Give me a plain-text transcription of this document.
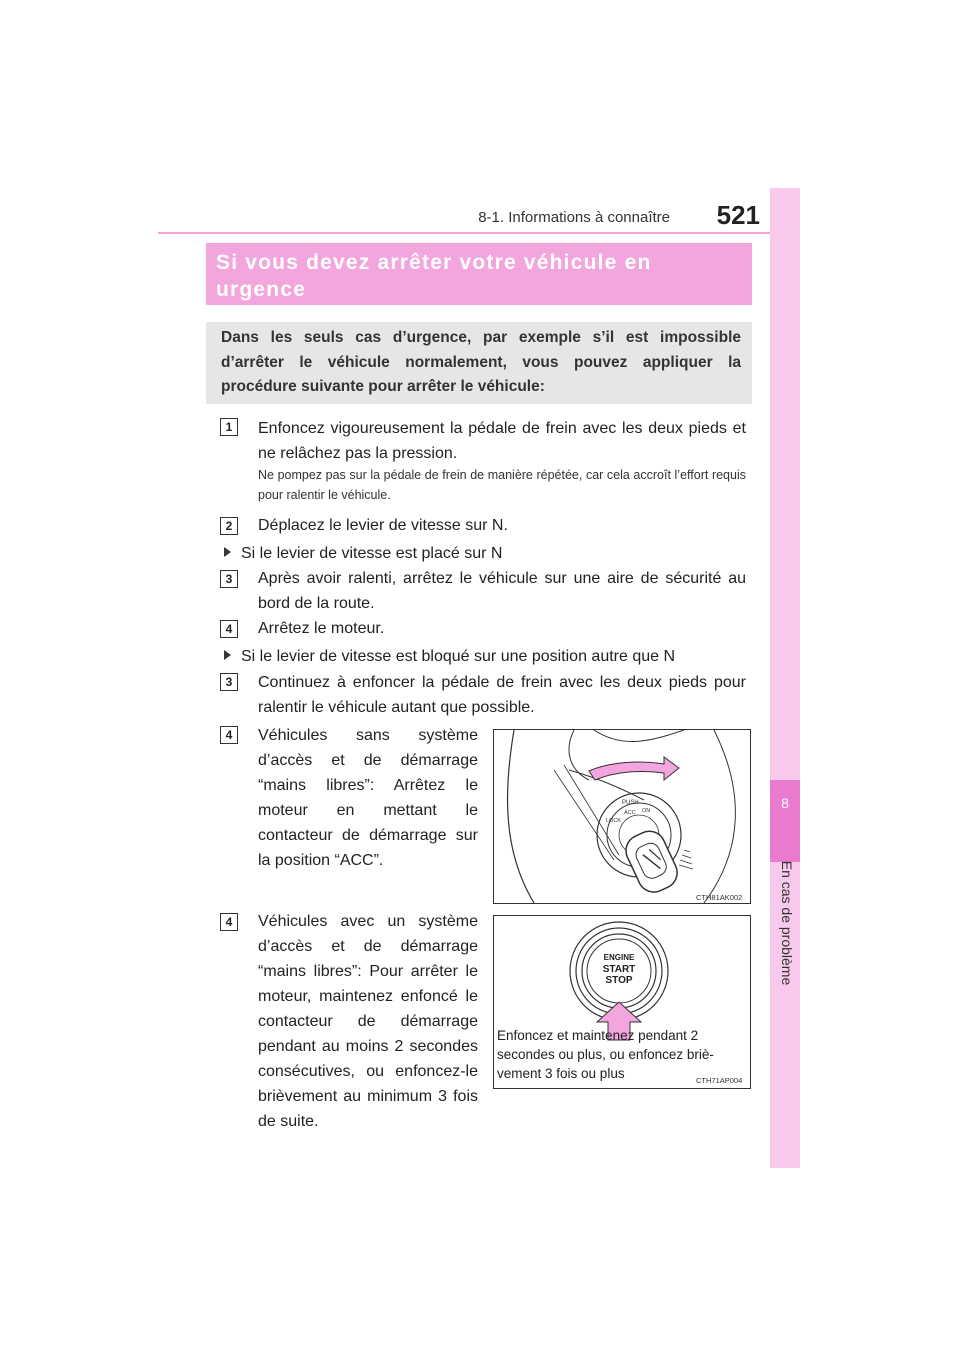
8-1. Informations à connaître	521
8
En cas de problème
Si vous devez arrêter votre véhicule en urgence
Dans les seuls cas d’urgence, par exemple s’il est impossible d’arrêter le véhicule normalement, vous pouvez appliquer la procédure suivante pour arrêter le véhicule:
1	Enfoncez vigoureusement la pédale de frein avec les deux pieds et ne relâchez pas la pression.
Ne pompez pas sur la pédale de frein de manière répétée, car cela accroît l’effort requis pour ralentir le véhicule.
2	Déplacez le levier de vitesse sur N.
Si le levier de vitesse est placé sur N
3	Après avoir ralenti, arrêtez le véhicule sur une aire de sécurité au bord de la route.
4	Arrêtez le moteur.
Si le levier de vitesse est bloqué sur une position autre que N
3	Continuez à enfoncer la pédale de frein avec les deux pieds pour ralentir le véhicule autant que possible.
4	Véhicules sans système d’accès et de démarrage “mains libres”: Arrêtez le moteur en mettant le contacteur de démarrage sur la position “ACC”.
PUSH
LOCK
ACC ON
CTH81AK002
4	Véhicules avec un système d’accès et de démarrage “mains libres”: Pour arrêter le moteur, maintenez enfoncé le contacteur de démarrage pendant au moins 2 secondes consécutives, ou enfoncez-le brièvement au minimum 3 fois de suite.
ENGINE
START
STOP
Enfoncez et maintenez pendant 2 secondes ou plus, ou enfoncez briè- vement 3 fois ou plus	CTH71AP004
